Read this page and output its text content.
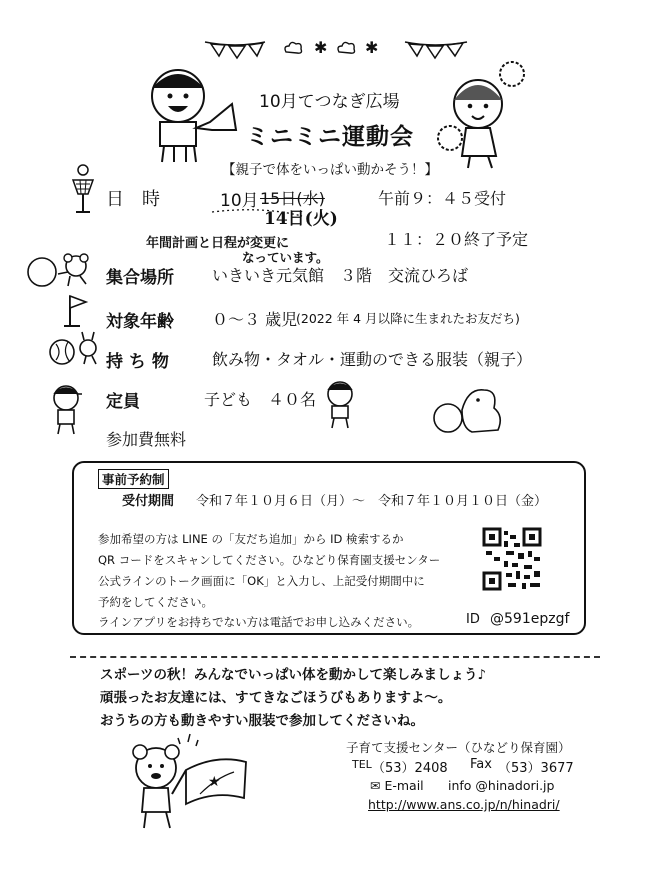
✱ ✱
10月てつなぎ広場
ミニミニ運動会
【親子で体をいっぱい動かそう！】
日　時	10月 15日(水)
14日(火)
午前９：４５受付
年間計画と日程が変更に
なっています。
１１：２０終了予定
集合場所 いきいき元気館　３階　交流ひろば
対象年齢 ０～３ 歳児
(2022 年 4 月以降に生まれたお友だち)
持 ち 物	飲み物・タオル・運動のできる服装（親子）
定員	子ども　４０名
参加費無料
事前予約制
受付期間 令和７年１０月６日（月）～　令和７年１０月１０日（金）
参加希望の方は LINE の「友だち追加」から ID 検索するか
QR コードをスキャンしてください。ひなどり保育園支援センター
公式ラインのトーク画面に「OK」と入力し、上記受付期間中に
予約をしてください。
ラインアプリをお持ちでない方は電話でお申し込みください。	ID @591epzgf
スポーツの秋！みんなでいっぱい体を動かして楽しみましょう♪
頑張ったお友達には、すてきなごほうびもありますよ～。
おうちの方も動きやすい服装で参加してくださいね。
★
子育て支援センター（ひなどり保育園）
TEL （53）2408 Fax （53）3677
✉ E-mail info @hinadori.jp
http://www.ans.co.jp/n/hinadri/
